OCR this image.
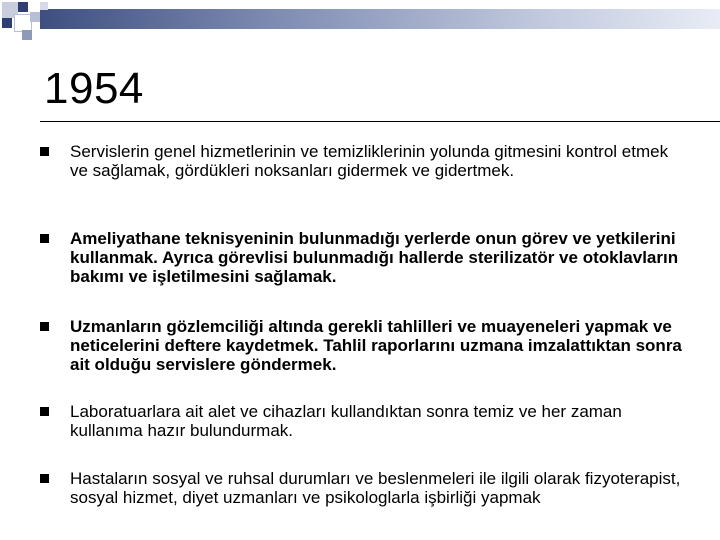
1954
Servislerin genel hizmetlerinin ve temizliklerinin yolunda gitmesini kontrol etmek ve sağlamak, gördükleri noksanları gidermek ve gidertmek.
Ameliyathane teknisyeninin bulunmadığı yerlerde onun görev ve yetkilerini kullanmak. Ayrıca görevlisi bulunmadığı hallerde sterilizatör ve otoklavların bakımı ve işletilmesini sağlamak.
Uzmanların gözlemciliği altında gerekli tahlilleri ve muayeneleri yapmak ve neticelerini deftere kaydetmek. Tahlil raporlarını uzmana imzalattıktan sonra ait olduğu servislere göndermek.
Laboratuarlara ait alet ve cihazları kullandıktan sonra temiz ve her zaman kullanıma hazır bulundurmak.
Hastaların sosyal ve ruhsal durumları ve beslenmeleri ile ilgili olarak fizyoterapist, sosyal hizmet, diyet uzmanları ve psikologlarla işbirliği yapmak
